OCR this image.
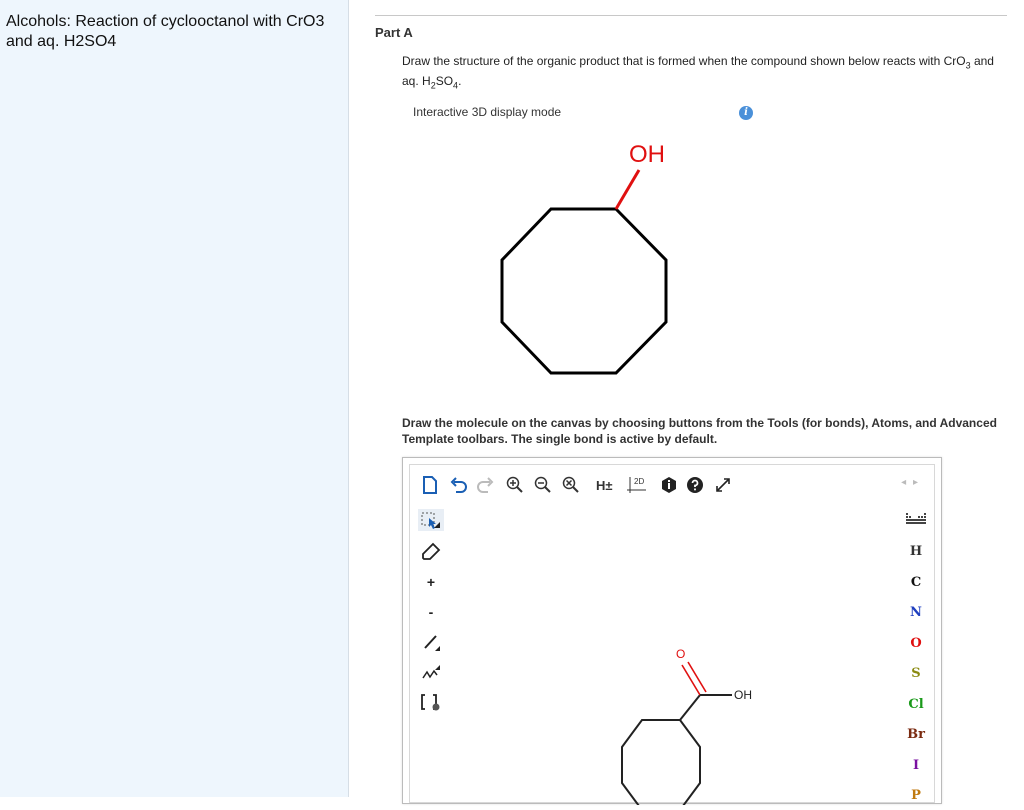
Alcohols: Reaction of cyclooctanol with CrO3 and aq. H2SO4
Part A
Draw the structure of the organic product that is formed when the compound shown below reacts with CrO$_3$ and aq. $H_2SO_4$.
Interactive 3D display mode	i
OH
Draw the molecule on the canvas by choosing buttons from the Tools (for bonds), Atoms, and Advanced Template toolbars. The single bond is active by default.
H±	2D	◂ ▸
+
-
O
OH
H
C
N
O
S
Cl
Br
I
P
